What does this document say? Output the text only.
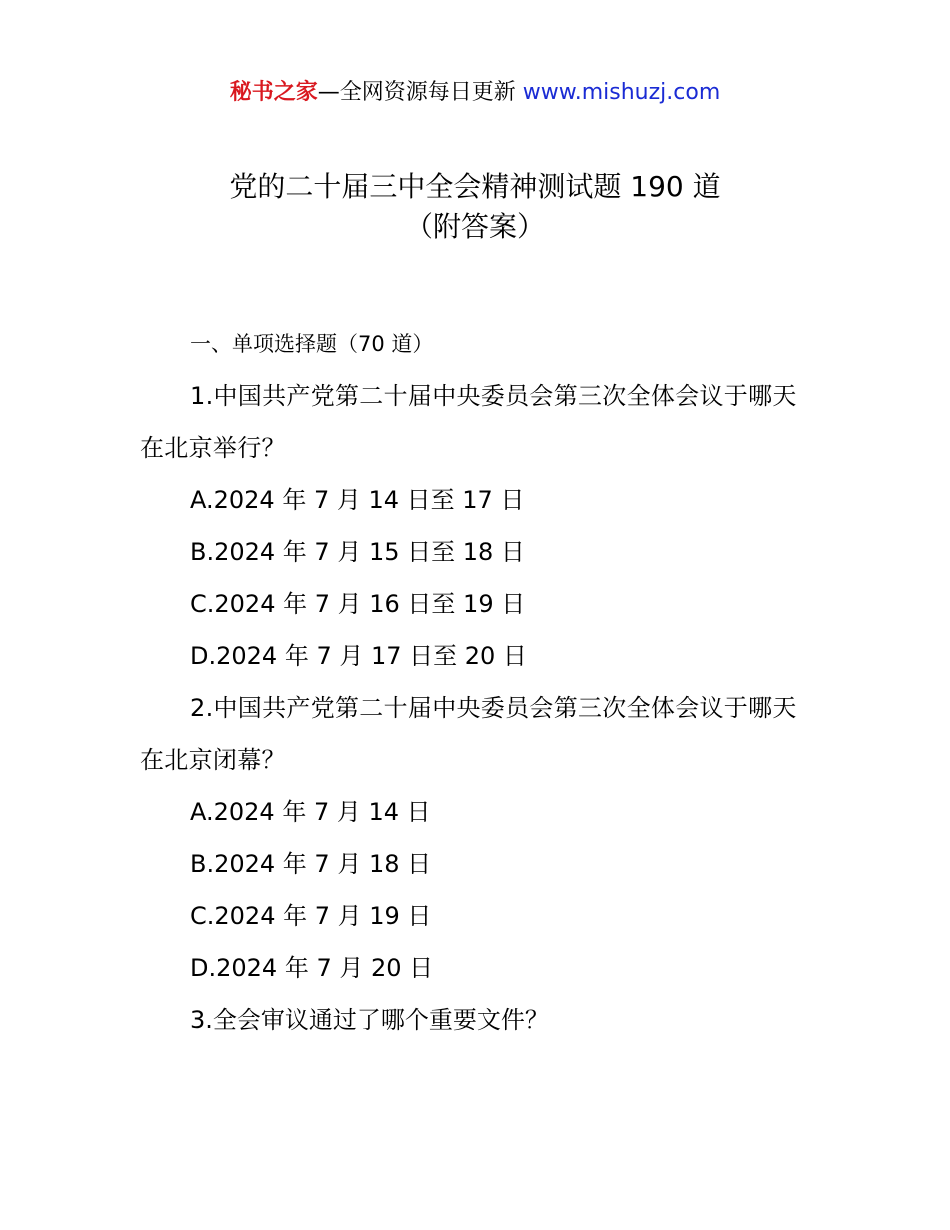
秘书之家—全网资源每日更新 www.mishuzj.com
党的二十届三中全会精神测试题 190 道
（附答案）
一、单项选择题（70 道）
1.中国共产党第二十届中央委员会第三次全体会议于哪天在北京举行？
A.2024 年 7 月 14 日至 17 日
B.2024 年 7 月 15 日至 18 日
C.2024 年 7 月 16 日至 19 日
D.2024 年 7 月 17 日至 20 日
2.中国共产党第二十届中央委员会第三次全体会议于哪天在北京闭幕？
A.2024 年 7 月 14 日
B.2024 年 7 月 18 日
C.2024 年 7 月 19 日
D.2024 年 7 月 20 日
3.全会审议通过了哪个重要文件？
